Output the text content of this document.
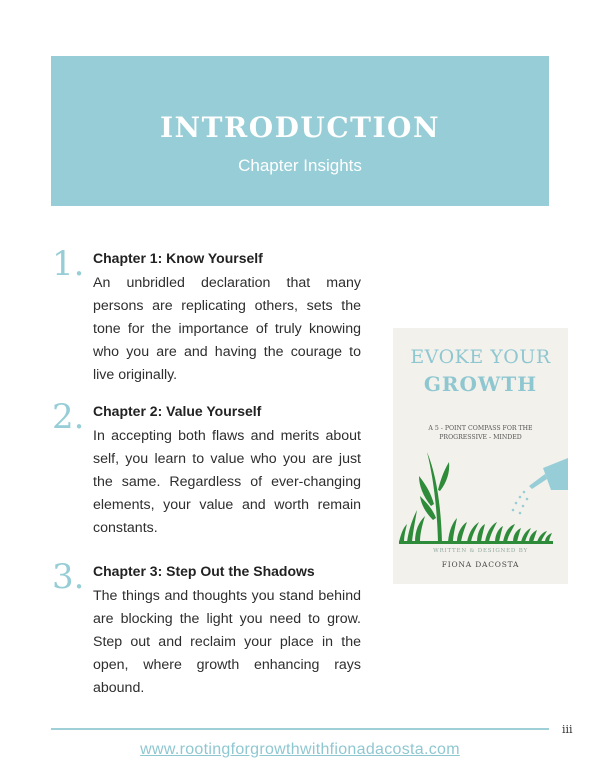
INTRODUCTION
Chapter Insights
1. Chapter 1: Know Yourself
An unbridled declaration that many persons are replicating others, sets the tone for the importance of truly knowing who you are and having the courage to live originally.
2. Chapter 2: Value Yourself
In accepting both flaws and merits about self, you learn to value who you are just the same. Regardless of ever-changing elements, your value and worth remain constants.
3. Chapter 3: Step Out the Shadows
The things and thoughts you stand behind are blocking the light you need to grow. Step out and reclaim your place in the open, where growth enhancing rays abound.
EVOKE YOUR
GROWTH
A 5 - POINT COMPASS FOR THE PROGRESSIVE - MINDED
WRITTEN & DESIGNED BY
FIONA DACOSTA
iii
www.rootingforgrowthwithfionadacosta.com
